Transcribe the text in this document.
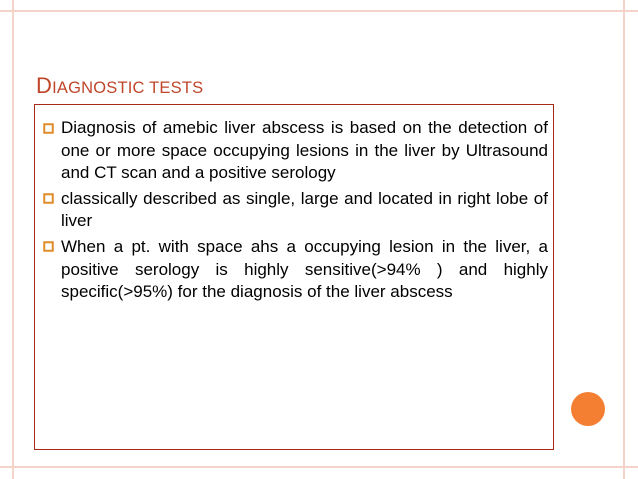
DIAGNOSTIC TESTS
Diagnosis of amebic liver abscess is based on the detection of one or more space occupying lesions in the liver by Ultrasound and CT scan and a positive serology
classically described as single, large and located in right lobe of liver
When a pt. with space ahs a occupying lesion in the liver, a positive serology is highly sensitive(>94% ) and highly specific(>95%) for the diagnosis of the liver abscess
